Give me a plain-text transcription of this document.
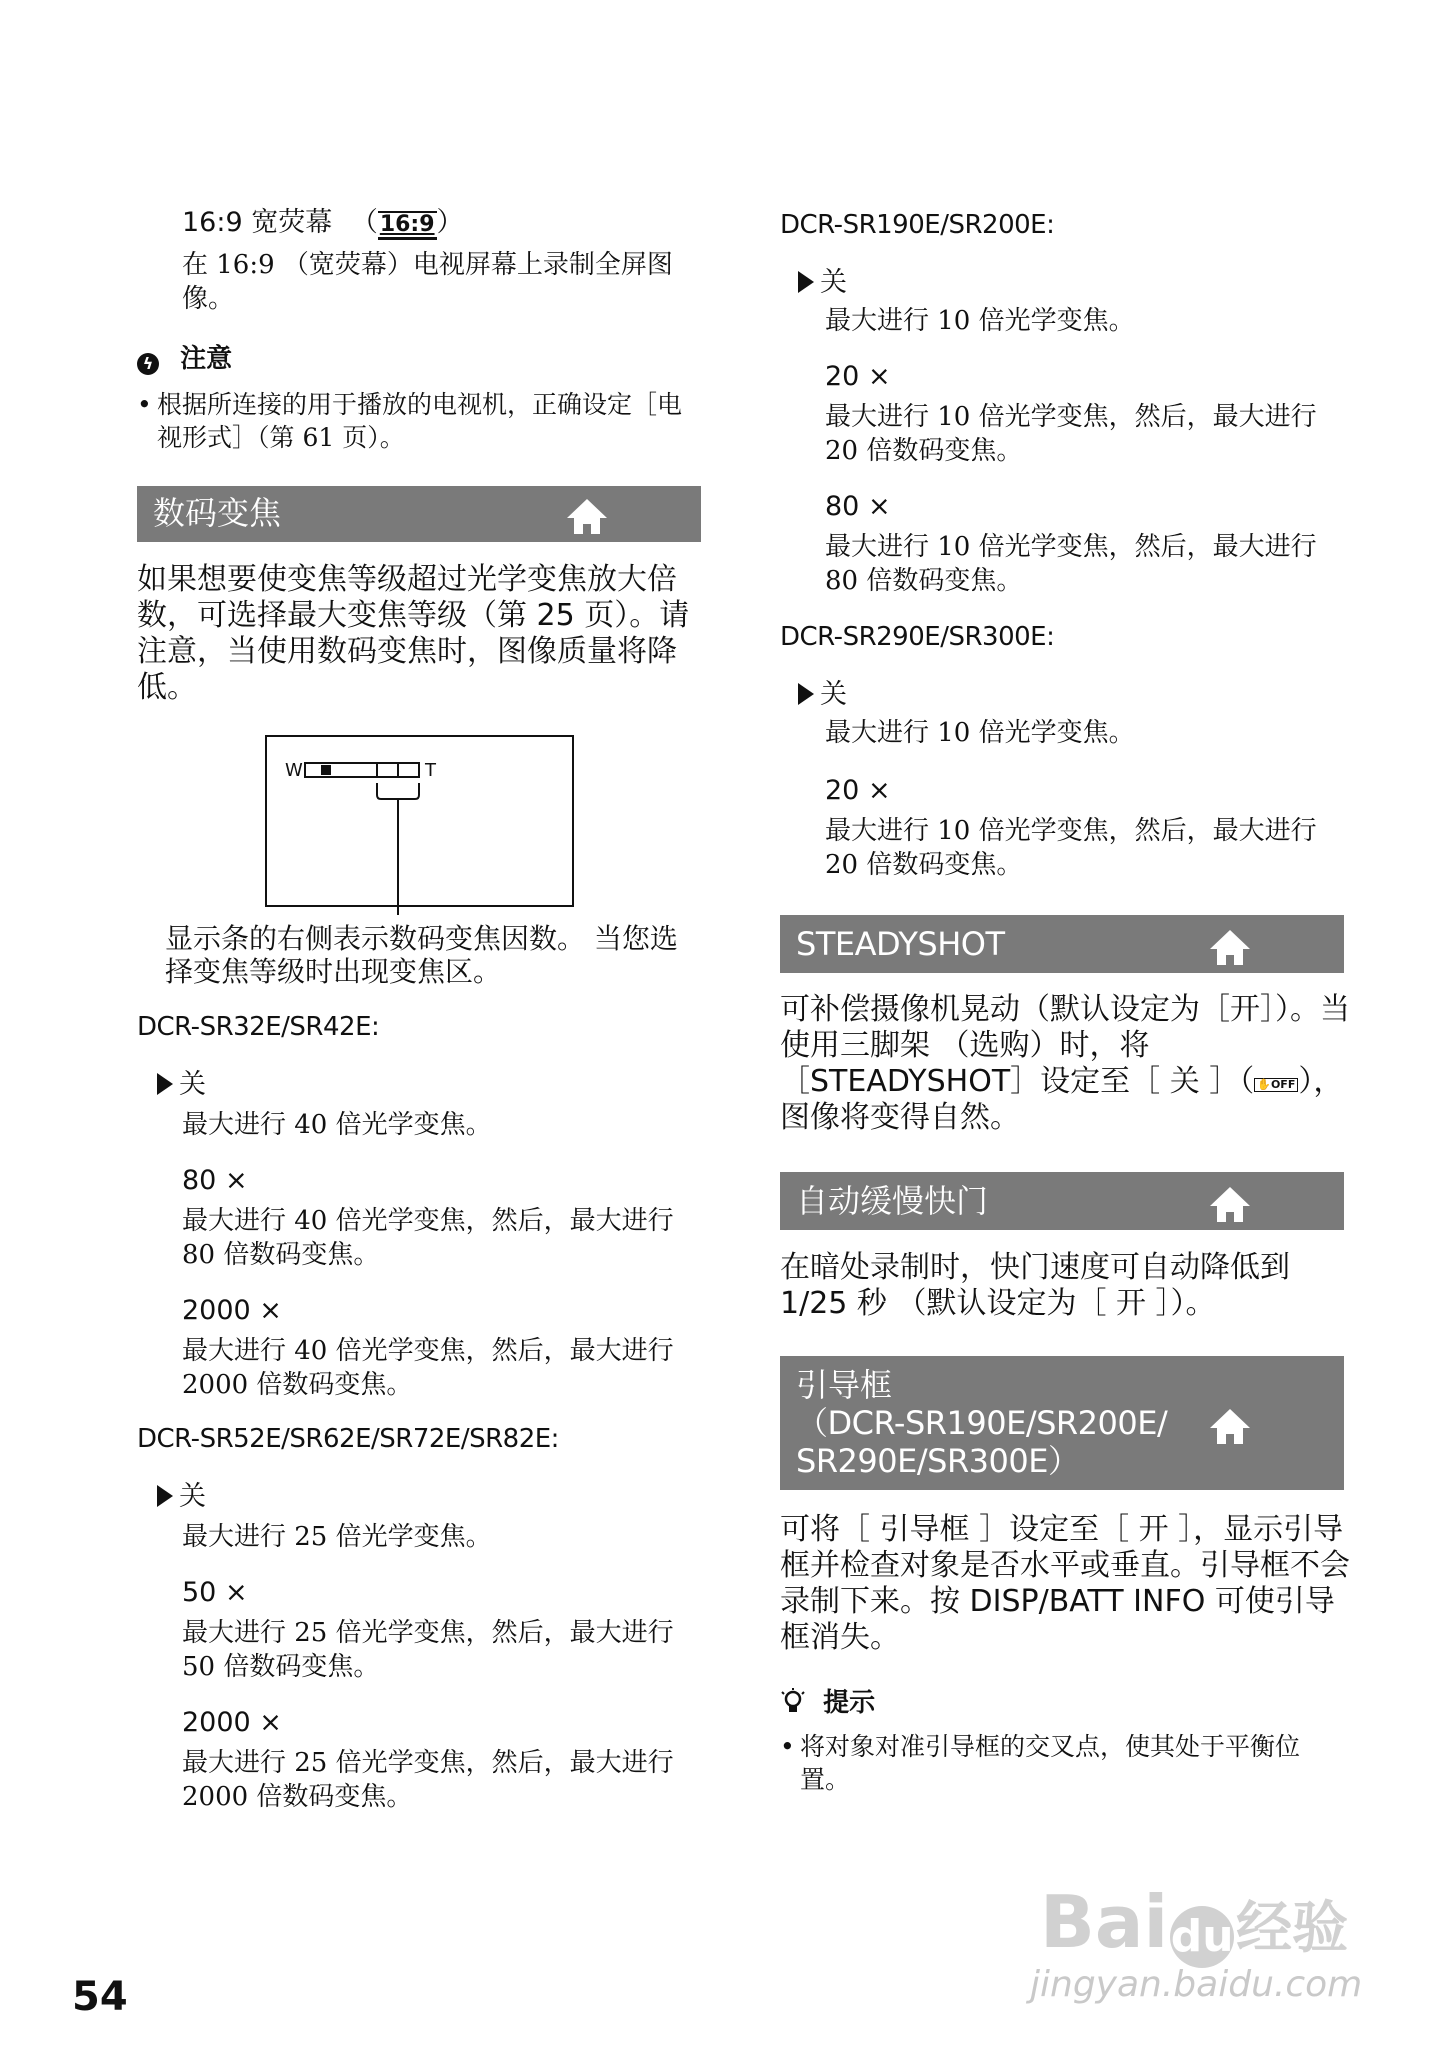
16:9 宽荧幕 （16:9）
在 16:9 （宽荧幕）电视屏幕上录制全屏图像。
ϟ 注意
• 根据所连接的用于播放的电视机，正确设定［电视形式］（第 61 页）。
数码变焦
如果想要使变焦等级超过光学变焦放大倍数，可选择最大变焦等级（第 25 页）。请注意，当使用数码变焦时，图像质量将降低。
W	T
显示条的右侧表示数码变焦因数。 当您选择变焦等级时出现变焦区。
DCR-SR32E/SR42E:
关
最大进行 40 倍光学变焦。
80 ×
最大进行 40 倍光学变焦，然后，最大进行 80 倍数码变焦。
2000 ×
最大进行 40 倍光学变焦，然后，最大进行 2000 倍数码变焦。
DCR-SR52E/SR62E/SR72E/SR82E:
关
最大进行 25 倍光学变焦。
50 ×
最大进行 25 倍光学变焦，然后，最大进行 50 倍数码变焦。
2000 ×
最大进行 25 倍光学变焦，然后，最大进行 2000 倍数码变焦。
DCR-SR190E/SR200E:
关
最大进行 10 倍光学变焦。
20 ×
最大进行 10 倍光学变焦，然后，最大进行 20 倍数码变焦。
80 ×
最大进行 10 倍光学变焦，然后，最大进行 80 倍数码变焦。
DCR-SR290E/SR300E:
关
最大进行 10 倍光学变焦。
20 ×
最大进行 10 倍光学变焦，然后，最大进行 20 倍数码变焦。
STEADYSHOT
可补偿摄像机晃动（默认设定为［开］）。当使用三脚架 （选购）时，将［STEADYSHOT］设定至［ 关 ］（ ✋OFF ），图像将变得自然。
自动缓慢快门
在暗处录制时，快门速度可自动降低到 1/25 秒 （默认设定为［ 开 ］）。
引导框
（DCR-SR190E/SR200E/
SR290E/SR300E）
可将［ 引导框 ］设定至［ 开 ］，显示引导框并检查对象是否水平或垂直。引导框不会录制下来。按 DISP/BATT INFO 可使引导框消失。
提示
• 将对象对准引导框的交叉点，使其处于平衡位置。
54
Baidu经验
jingyan.baidu.com
